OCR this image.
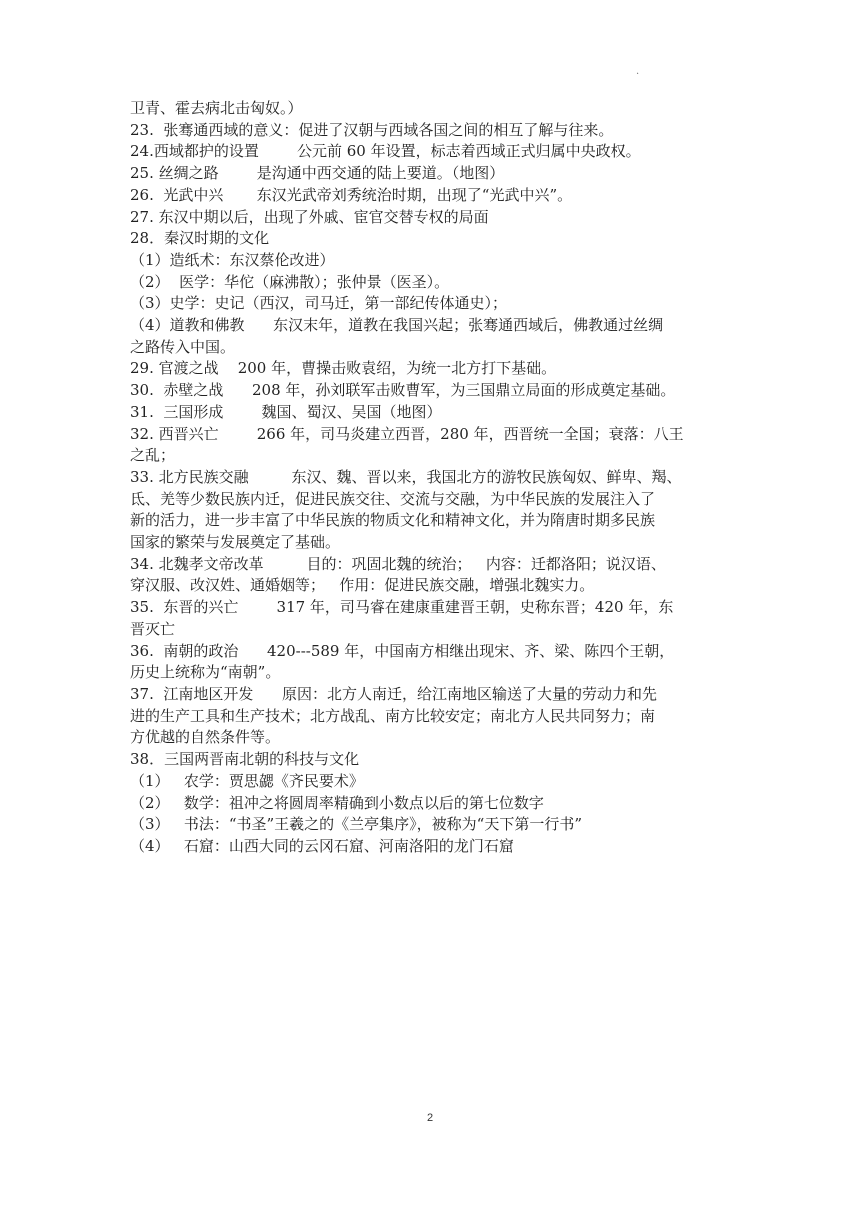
.
卫青、霍去病北击匈奴。）
23.  张骞通西域的意义：促进了汉朝与西域各国之间的相互了解与往来。
24.西域都护的设置        公元前 60 年设置，标志着西域正式归属中央政权。
25. 丝绸之路        是沟通中西交通的陆上要道。（地图）
26.  光武中兴       东汉光武帝刘秀统治时期，出现了“光武中兴”。
27. 东汉中期以后，出现了外戚、宦官交替专权的局面
28．秦汉时期的文化
（1）造纸术：东汉蔡伦改进）
（2）  医学：华佗（麻沸散）；张仲景（医圣）。
（3）史学：史记（西汉，司马迁，第一部纪传体通史）；
（4）道教和佛教      东汉末年，道教在我国兴起；张骞通西域后，佛教通过丝绸
之路传入中国。
29. 官渡之战    200 年，曹操击败袁绍，为统一北方打下基础。
30.  赤壁之战      208 年，孙刘联军击败曹军，为三国鼎立局面的形成奠定基础。
31.  三国形成        魏国、蜀汉、吴国（地图）
32. 西晋兴亡        266 年，司马炎建立西晋，280 年，西晋统一全国；衰落：八王
之乱；
33. 北方民族交融         东汉、魏、晋以来，我国北方的游牧民族匈奴、鲜卑、羯、
氐、羌等少数民族内迁，促进民族交往、交流与交融，为中华民族的发展注入了
新的活力，进一步丰富了中华民族的物质文化和精神文化，并为隋唐时期多民族
国家的繁荣与发展奠定了基础。
34. 北魏孝文帝改革         目的：巩固北魏的统治；   内容：迁都洛阳；说汉语、
穿汉服、改汉姓、通婚姻等；   作用：促进民族交融，增强北魏实力。
35.  东晋的兴亡        317 年，司马睿在建康重建晋王朝，史称东晋；420 年，东
晋灭亡
36.  南朝的政治      420---589 年，中国南方相继出现宋、齐、梁、陈四个王朝，
历史上统称为“南朝”。
37.  江南地区开发      原因：北方人南迁，给江南地区输送了大量的劳动力和先
进的生产工具和生产技术；北方战乱、南方比较安定；南北方人民共同努力；南
方优越的自然条件等。
38．三国两晋南北朝的科技与文化
（1）   农学：贾思勰《齐民要术》
（2）   数学：祖冲之将圆周率精确到小数点以后的第七位数字
（3）   书法：“书圣”王羲之的《兰亭集序》，被称为“天下第一行书”
（4）   石窟：山西大同的云冈石窟、河南洛阳的龙门石窟
2
